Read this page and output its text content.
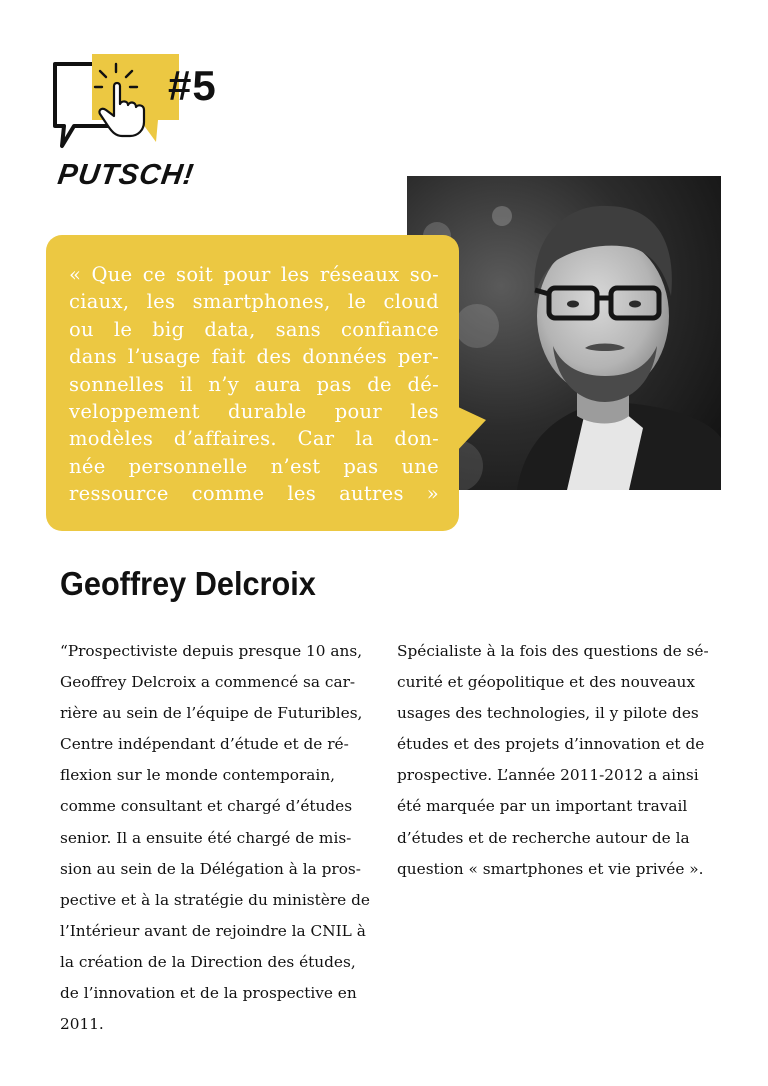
#5
PUTSCH!

« Que ce soit pour les réseaux so-
ciaux, les smartphones, le cloud
ou le big data, sans confiance
dans l’usage fait des données per-
sonnelles il n’y aura pas de dé-
veloppement durable pour les
modèles d’affaires. Car la don-
née personnelle n’est pas une
ressource comme les autres »

Geoffrey Delcroix
“Prospectiviste depuis presque 10 ans,
Geoffrey Delcroix a commencé sa car-
rière au sein de l’équipe de Futuribles,
Centre indépendant d’étude et de ré-
flexion sur le monde contemporain,
comme consultant et chargé d’études
senior. Il a ensuite été chargé de mis-
sion au sein de la Délégation à la pros-
pective et à la stratégie du ministère de
l’Intérieur avant de rejoindre la CNIL à
la création de la Direction des études,
de l’innovation et de la prospective en
2011.
Spécialiste à la fois des questions de sé-
curité et géopolitique et des nouveaux
usages des technologies, il y pilote des
études et des projets d’innovation et de
prospective. L’année 2011-2012 a ainsi
été marquée par un important travail
d’études et de recherche autour de la
question « smartphones et vie privée ».
